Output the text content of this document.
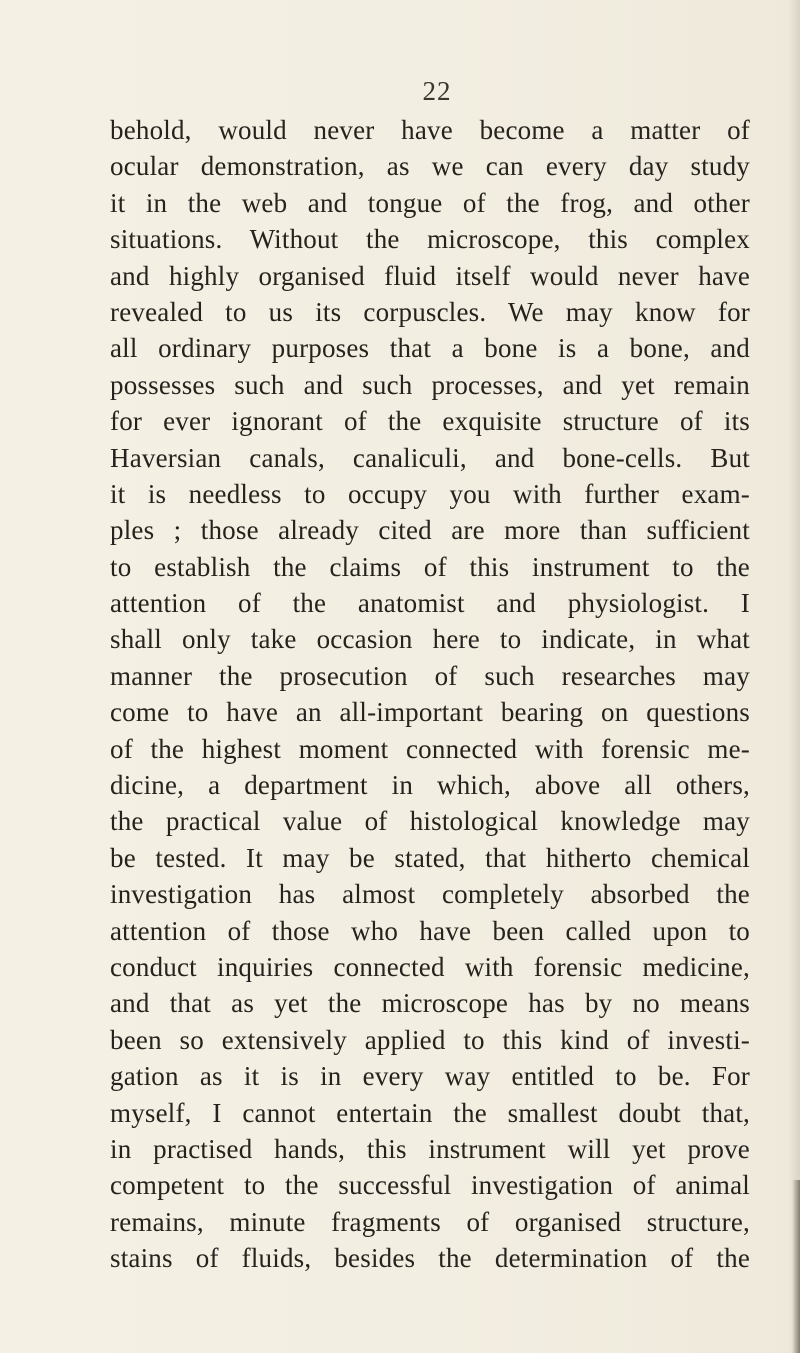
22
behold, would never have become a matter of
ocular demonstration, as we can every day study
it in the web and tongue of the frog, and other
situations. Without the microscope, this complex
and highly organised fluid itself would never have
revealed to us its corpuscles. We may know for
all ordinary purposes that a bone is a bone, and
possesses such and such processes, and yet remain
for ever ignorant of the exquisite structure of its
Haversian canals, canaliculi, and bone-cells. But
it is needless to occupy you with further exam-
ples ; those already cited are more than sufficient
to establish the claims of this instrument to the
attention of the anatomist and physiologist. I
shall only take occasion here to indicate, in what
manner the prosecution of such researches may
come to have an all-important bearing on questions
of the highest moment connected with forensic me-
dicine, a department in which, above all others,
the practical value of histological knowledge may
be tested. It may be stated, that hitherto chemical
investigation has almost completely absorbed the
attention of those who have been called upon to
conduct inquiries connected with forensic medicine,
and that as yet the microscope has by no means
been so extensively applied to this kind of investi-
gation as it is in every way entitled to be. For
myself, I cannot entertain the smallest doubt that,
in practised hands, this instrument will yet prove
competent to the successful investigation of animal
remains, minute fragments of organised structure,
stains of fluids, besides the determination of the
